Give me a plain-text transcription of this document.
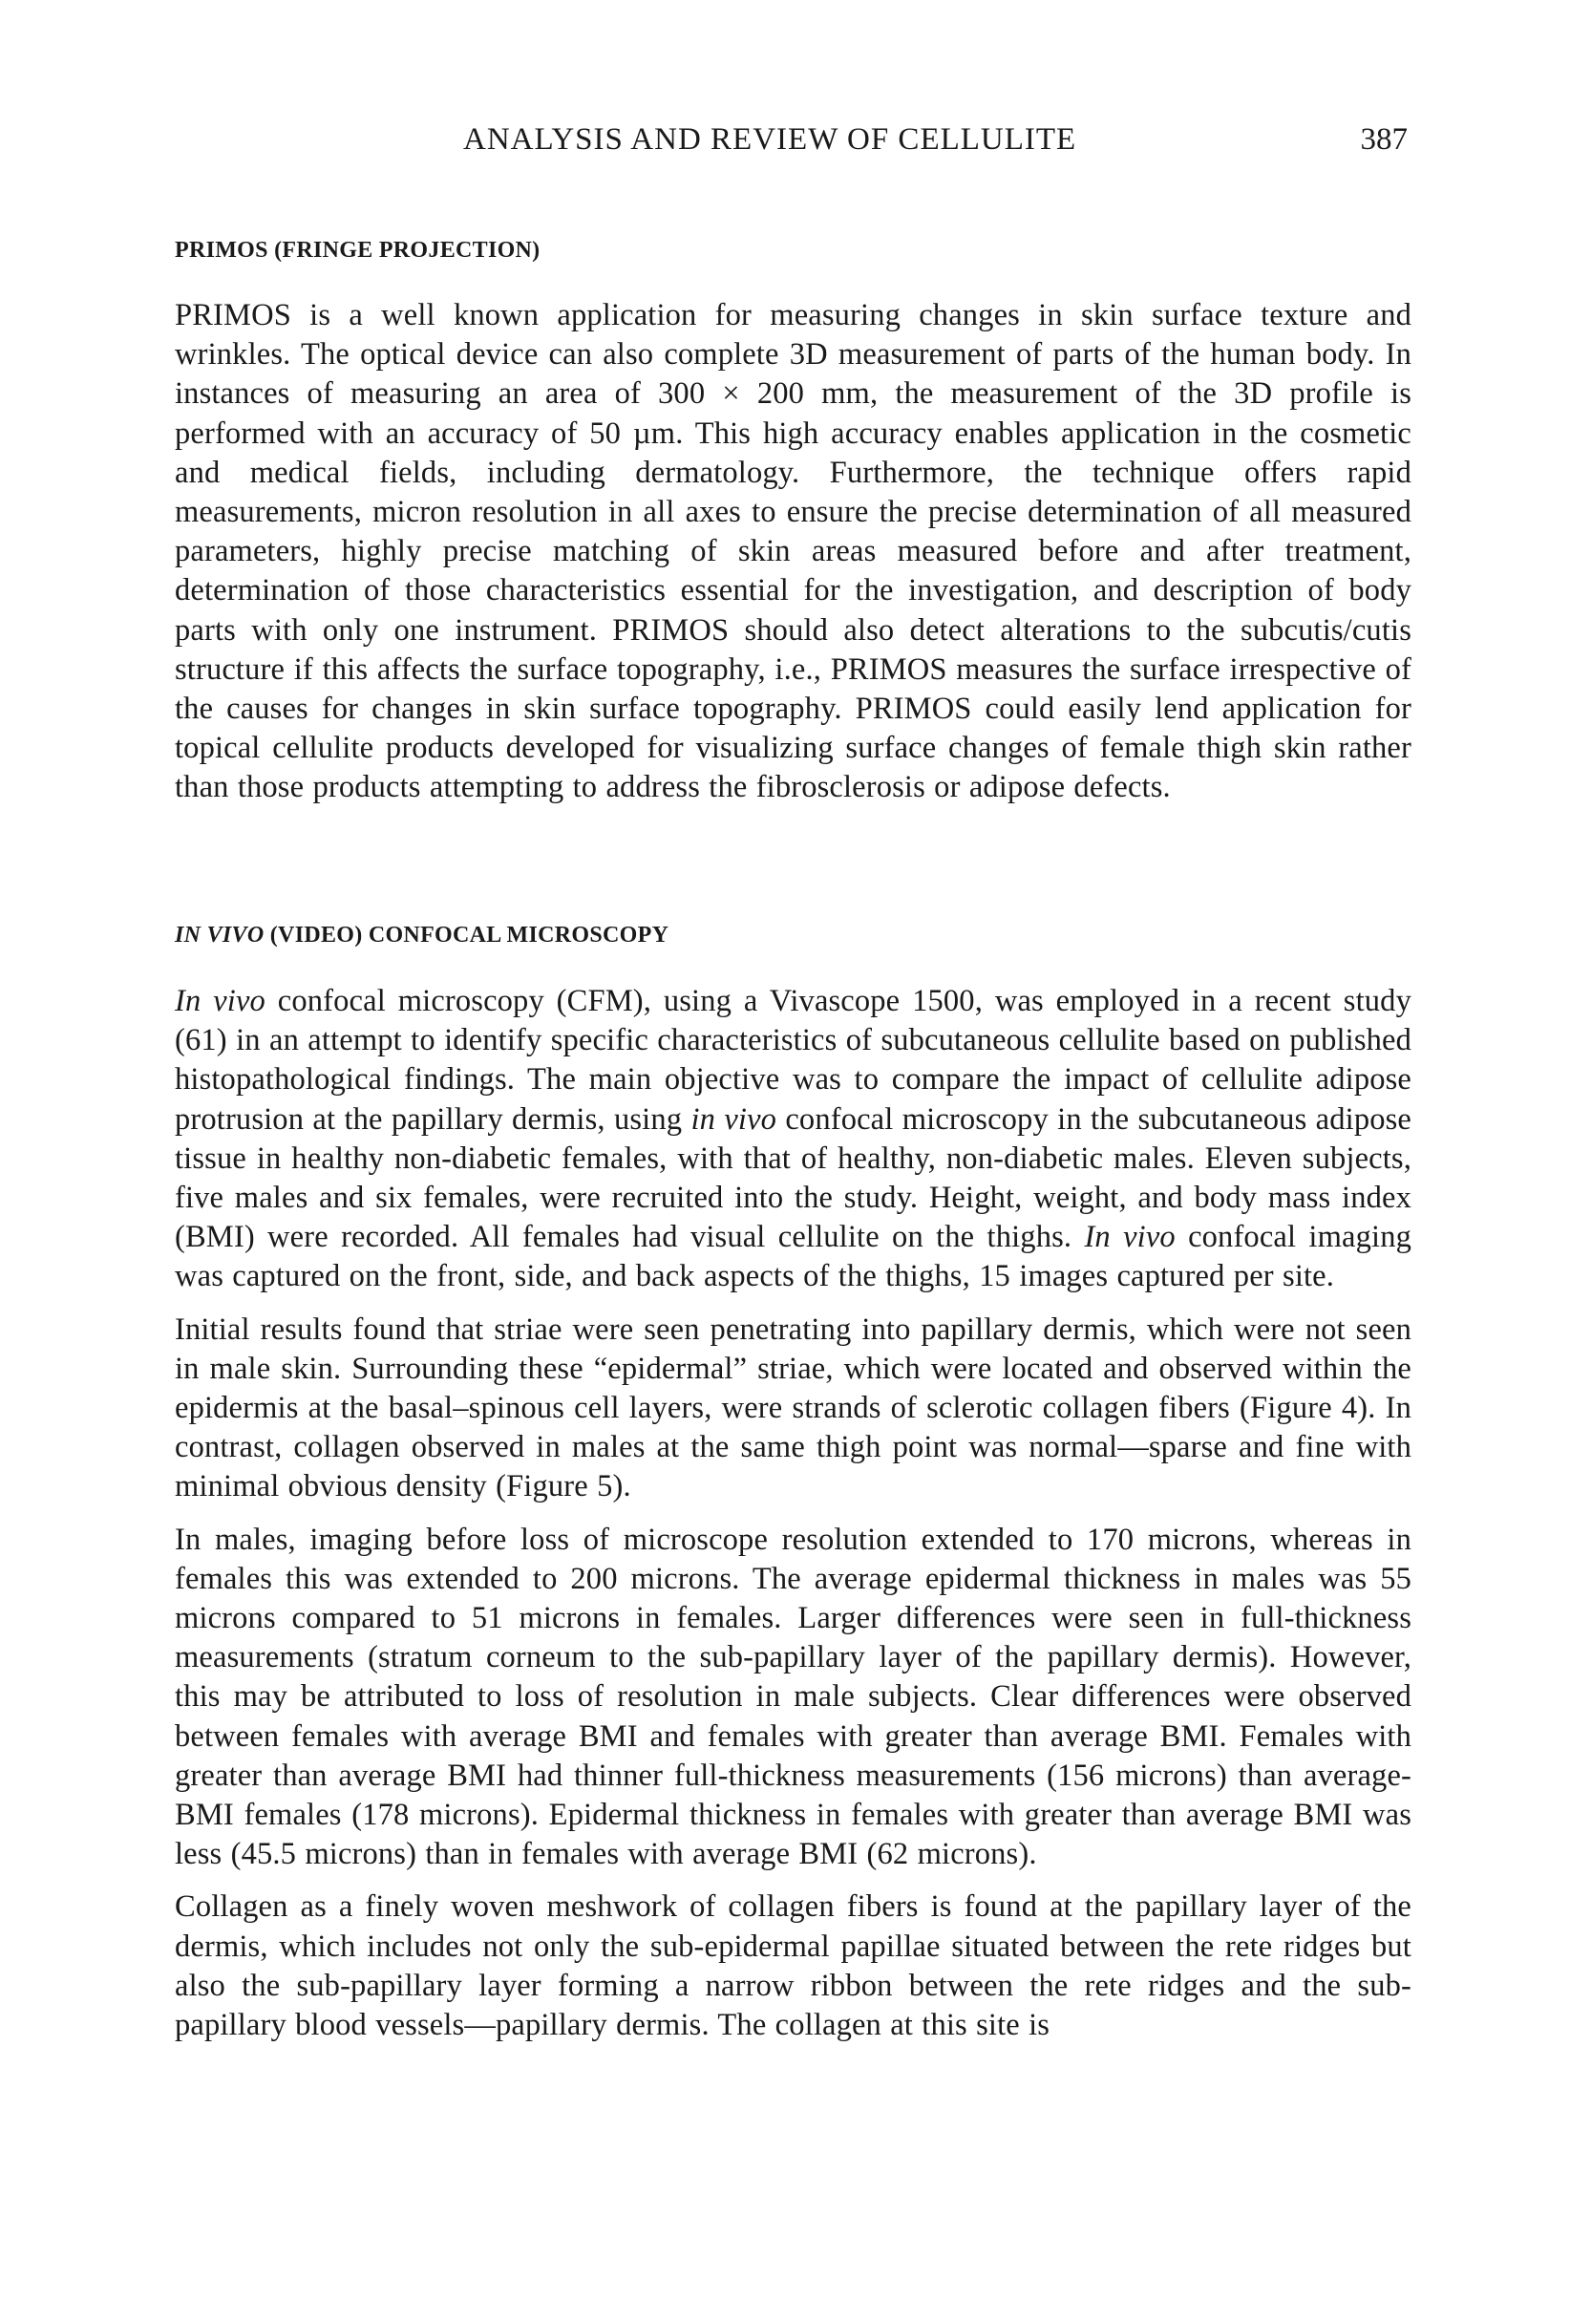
ANALYSIS AND REVIEW OF CELLULITE	387
PRIMOS (FRINGE PROJECTION)

PRIMOS is a well known application for measuring changes in skin surface texture and wrinkles. The optical device can also complete 3D measurement of parts of the human body. In instances of measuring an area of 300 × 200 mm, the measurement of the 3D profile is performed with an accuracy of 50 µm. This high accuracy enables application in the cosmetic and medical fields, including dermatology. Furthermore, the technique offers rapid measurements, micron resolution in all axes to ensure the precise determination of all measured parameters, highly precise matching of skin areas measured before and after treatment, determination of those characteristics essential for the investigation, and description of body parts with only one instrument. PRIMOS should also detect alterations to the subcutis/cutis structure if this affects the surface topography, i.e., PRIMOS measures the surface irrespective of the causes for changes in skin surface topography. PRIMOS could easily lend application for topical cellulite products developed for visualizing surface changes of female thigh skin rather than those products attempting to address the fibrosclerosis or adipose defects.

IN VIVO (VIDEO) CONFOCAL MICROSCOPY

In vivo confocal microscopy (CFM), using a Vivascope 1500, was employed in a recent study (61) in an attempt to identify specific characteristics of subcutaneous cellulite based on published histopathological findings. The main objective was to compare the impact of cellulite adipose protrusion at the papillary dermis, using in vivo confocal microscopy in the subcutaneous adipose tissue in healthy non-diabetic females, with that of healthy, non-diabetic males. Eleven subjects, five males and six females, were recruited into the study. Height, weight, and body mass index (BMI) were recorded. All females had visual cellulite on the thighs. In vivo confocal imaging was captured on the front, side, and back aspects of the thighs, 15 images captured per site.

Initial results found that striae were seen penetrating into papillary dermis, which were not seen in male skin. Surrounding these “epidermal” striae, which were located and observed within the epidermis at the basal–spinous cell layers, were strands of sclerotic collagen fibers (Figure 4). In contrast, collagen observed in males at the same thigh point was normal—sparse and fine with minimal obvious density (Figure 5).

In males, imaging before loss of microscope resolution extended to 170 microns, whereas in females this was extended to 200 microns. The average epidermal thickness in males was 55 microns compared to 51 microns in females. Larger differences were seen in full-thickness measurements (stratum corneum to the sub-papillary layer of the papillary dermis). However, this may be attributed to loss of resolution in male subjects. Clear differences were observed between females with average BMI and females with greater than average BMI. Females with greater than average BMI had thinner full-thickness measurements (156 microns) than average-BMI females (178 microns). Epidermal thickness in females with greater than average BMI was less (45.5 microns) than in females with average BMI (62 microns).

Collagen as a finely woven meshwork of collagen fibers is found at the papillary layer of the dermis, which includes not only the sub-epidermal papillae situated between the rete ridges but also the sub-papillary layer forming a narrow ribbon between the rete ridges and the sub-papillary blood vessels—papillary dermis. The collagen at this site is
